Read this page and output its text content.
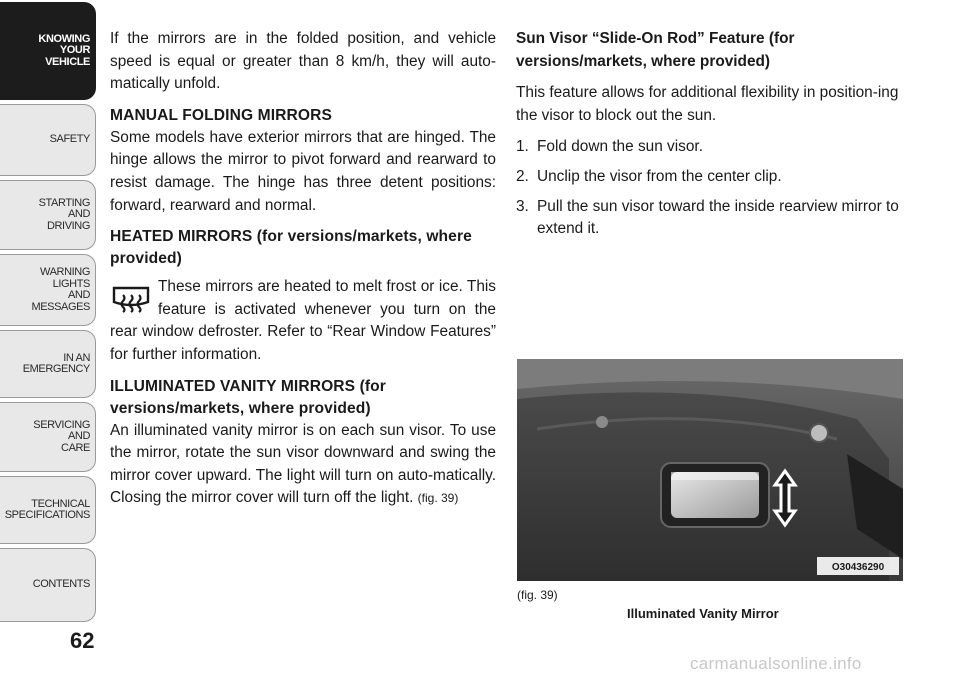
KNOWING
YOUR
VEHICLE
SAFETY
STARTING
AND
DRIVING
WARNING
LIGHTS
AND
MESSAGES
IN AN
EMERGENCY
SERVICING
AND
CARE
TECHNICAL
SPECIFICATIONS
CONTENTS
62

If the mirrors are in the folded position, and vehicle speed is equal or greater than 8 km/h, they will auto-matically unfold.

MANUAL FOLDING MIRRORS

Some models have exterior mirrors that are hinged. The hinge allows the mirror to pivot forward and rearward to resist damage. The hinge has three detent positions: forward, rearward and normal.

HEATED MIRRORS (for versions/markets, where provided)

These mirrors are heated to melt frost or ice. This feature is activated whenever you turn on the rear window defroster. Refer to “Rear Window Features” for further information.

ILLUMINATED VANITY MIRRORS (for versions/markets, where provided)

An illuminated vanity mirror is on each sun visor. To use the mirror, rotate the sun visor downward and swing the mirror cover upward. The light will turn on auto-matically. Closing the mirror cover will turn off the light. (fig. 39)

Sun Visor “Slide-On Rod” Feature (for versions/markets, where provided)

This feature allows for additional flexibility in position-ing the visor to block out the sun.

1. Fold down the sun visor.
2. Unclip the visor from the center clip.
3. Pull the sun visor toward the inside rearview mirror to extend it.
O30436290
(fig. 39)
Illuminated Vanity Mirror
carmanualsonline.info
